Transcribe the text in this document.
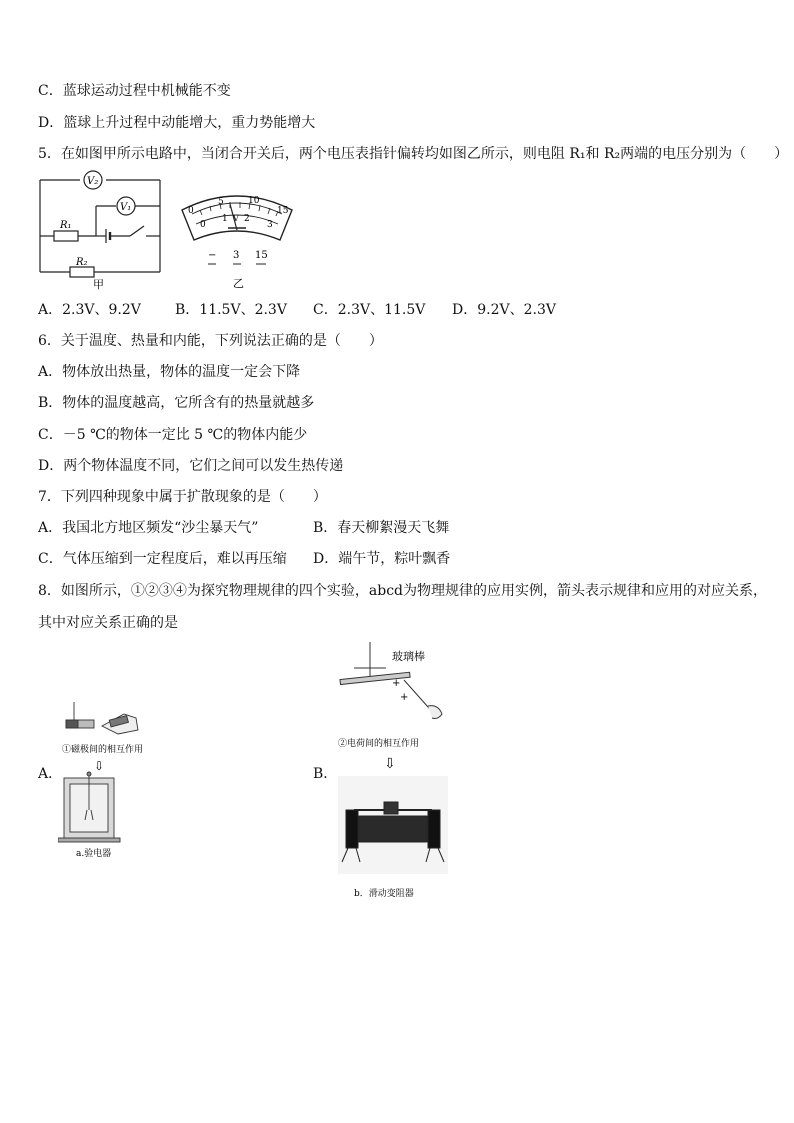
C．蓝球运动过程中机械能不变
D．篮球上升过程中动能增大，重力势能增大
5．在如图甲所示电路中，当闭合开关后，两个电压表指针偏转均如图乙所示，则电阻 R₁和 R₂两端的电压分别为（　　）
V₂
V₁
R₁
R₂
甲
0
5	10
15
0
1 2
3
V
− 3 15
乙
A．2.3V、9.2V B．11.5V、2.3V C．2.3V、11.5V D．9.2V、2.3V
6．关于温度、热量和内能，下列说法正确的是（　　）
A．物体放出热量，物体的温度一定会下降
B．物体的温度越高，它所含有的热量就越多
C．－5 ℃的物体一定比 5 ℃的物体内能少
D．两个物体温度不同，它们之间可以发生热传递
7．下列四种现象中属于扩散现象的是（　　）
A．我国北方地区频发“沙尘暴天气”	B．春天柳絮漫天飞舞
C．气体压缩到一定程度后，难以再压缩 D．端午节，粽叶飘香
8．如图所示，①②③④为探究物理规律的四个实验，abcd为物理规律的应用实例，箭头表示规律和应用的对应关系，
其中对应关系正确的是
A．
①磁极间的相互作用
⇩
a.验电器
B．
玻璃棒
+
+
②电荷间的相互作用
⇩
b．滑动变阻器
